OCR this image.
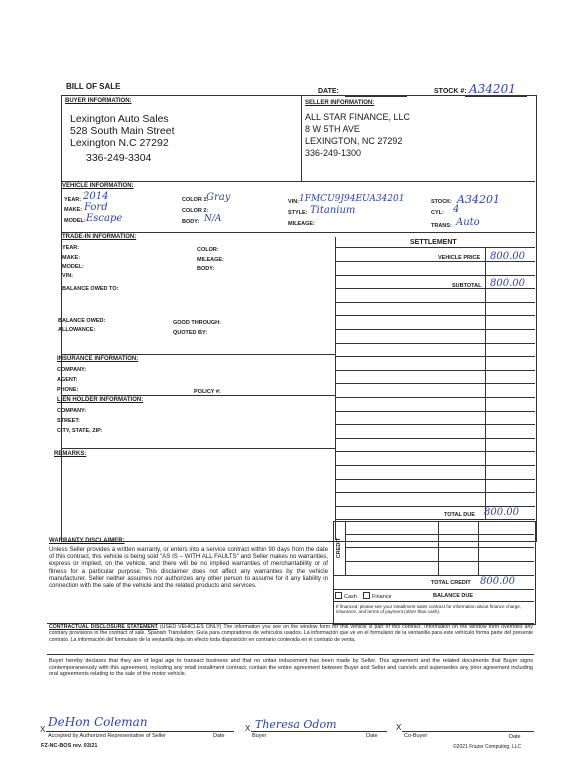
BILL OF SALE
DATE:	STOCK #: A34201
BUYER INFORMATION:
Lexington Auto Sales
528 South Main Street
Lexington N.C 27292
336-249-3304
SELLER INFORMATION:
ALL STAR FINANCE, LLC
8 W 5TH AVE
LEXINGTON, NC 27292
336-249-1300
VEHICLE INFORMATION:
YEAR: 2014
MAKE: Ford
MODEL: Escape
COLOR 1:
Gray
COLOR 2:
BODY: N/A
VIN: 1FMCU9J94EUA34201
STYLE: Titanium
MILEAGE:
STOCK: A34201
CYL: 4
TRANS: Auto
TRADE-IN INFORMATION:
YEAR:
MAKE:
MODEL:
VIN:
COLOR:
MILEAGE:
BODY:
BALANCE OWED TO:
BALANCE OWED:
ALLOWANCE:
GOOD THROUGH:
QUOTED BY:
INSURANCE INFORMATION:
COMPANY:
AGENT:
PHONE:	POLICY #:
LIEN HOLDER INFORMATION:
COMPANY:
STREET:
CITY, STATE, ZIP:
REMARKS:
SETTLEMENT
VEHICLE PRICE 800.00
SUBTOTAL 800.00
TOTAL DUE 800.00
CREDIT
TOTAL CREDIT 800.00
Cash	Finance	BALANCE DUE
If financed, please see your installment sales contract for information about finance charge, insurance, and terms of payment (other than cash).
WARRANTY DISCLAIMER:
Unless Seller provides a written warranty, or enters into a service contract within 90 days from the date of this contract, this vehicle is being sold "AS IS – WITH ALL FAULTS" and Seller makes no warranties, express or implied, on the vehicle, and there will be no implied warranties of merchantability or of fitness for a particular purpose. This disclaimer does not affect any warranties by the vehicle manufacturer. Seller neither assumes nor authorizes any other person to assume for it any liability in connection with the sale of the vehicle and the related products and services.
CONTRACTUAL DISCLOSURE STATEMENT (USED VEHICLES ONLY) The information you see on the window form for this vehicle is part of this contract. Information on the window form overrides any contrary provisions in the contract of sale. Spanish Translation: Guía para compradores de vehículos usados. La información que ve en el formulario de la ventanilla para este vehículo forma parte del presente contrato. La información del formulario de la ventanilla deja sin efecto toda disposición en contrario contenida en el contrato de venta.
Buyer hereby declares that they are of legal age to transact business and that no unfair inducement has been made by Seller. This agreement and the related documents that Buyer signs contemporaneously with this agreement, including any retail installment contract, contain the entire agreement between Buyer and Seller and cancels and supersedes any prior agreement including oral agreements relating to the sale of the motor vehicle.
X
DeHon Coleman
Accepted by Authorized Representative of Seller	Date
X Theresa Odom
Buyer	Date
X
Co-Buyer	Date
FZ-NC-BOS rev. 03/21	©2021 Frazer Computing, LLC
